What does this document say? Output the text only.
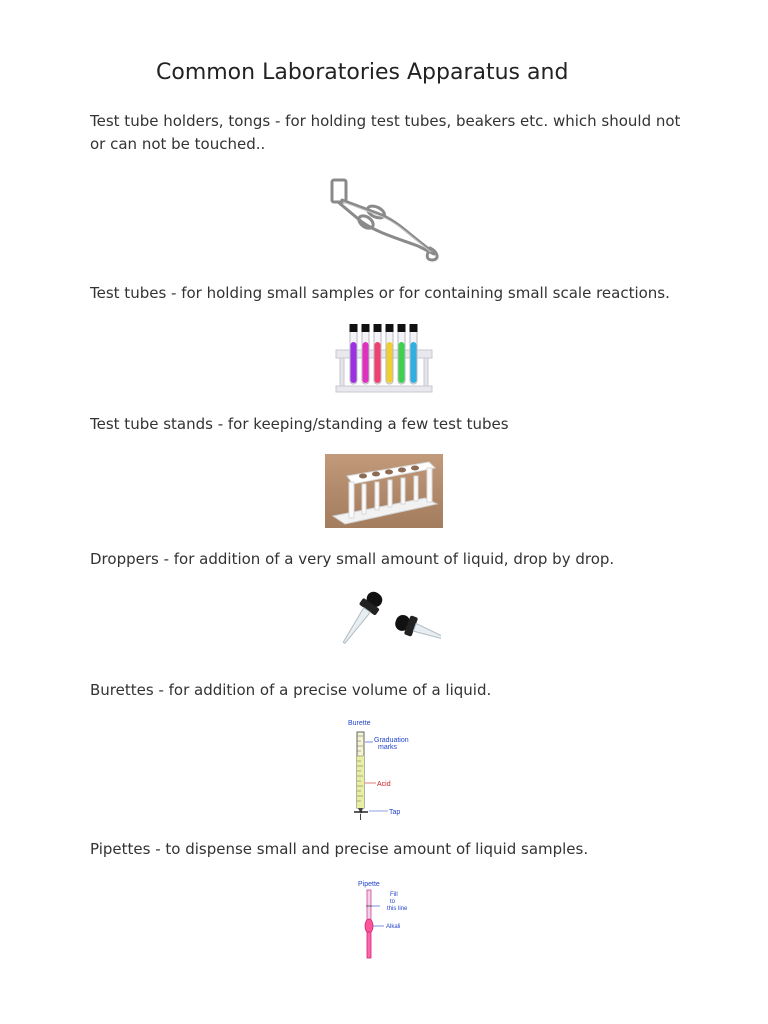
Common Laboratories Apparatus and

Test tube holders, tongs - for holding test tubes, beakers etc. which should not or can not be touched..

Test tubes - for holding small samples or for containing small scale reactions.

Test tube stands - for keeping/standing a few test tubes

Droppers - for addition of a very small amount of liquid, drop by drop.

Burettes - for addition of a precise volume of a liquid.

Burette
Graduation
marks
Acid
Tap

Pipettes - to dispense small and precise amount of liquid samples.

Pipette
Fill
to
this line
Alkali
